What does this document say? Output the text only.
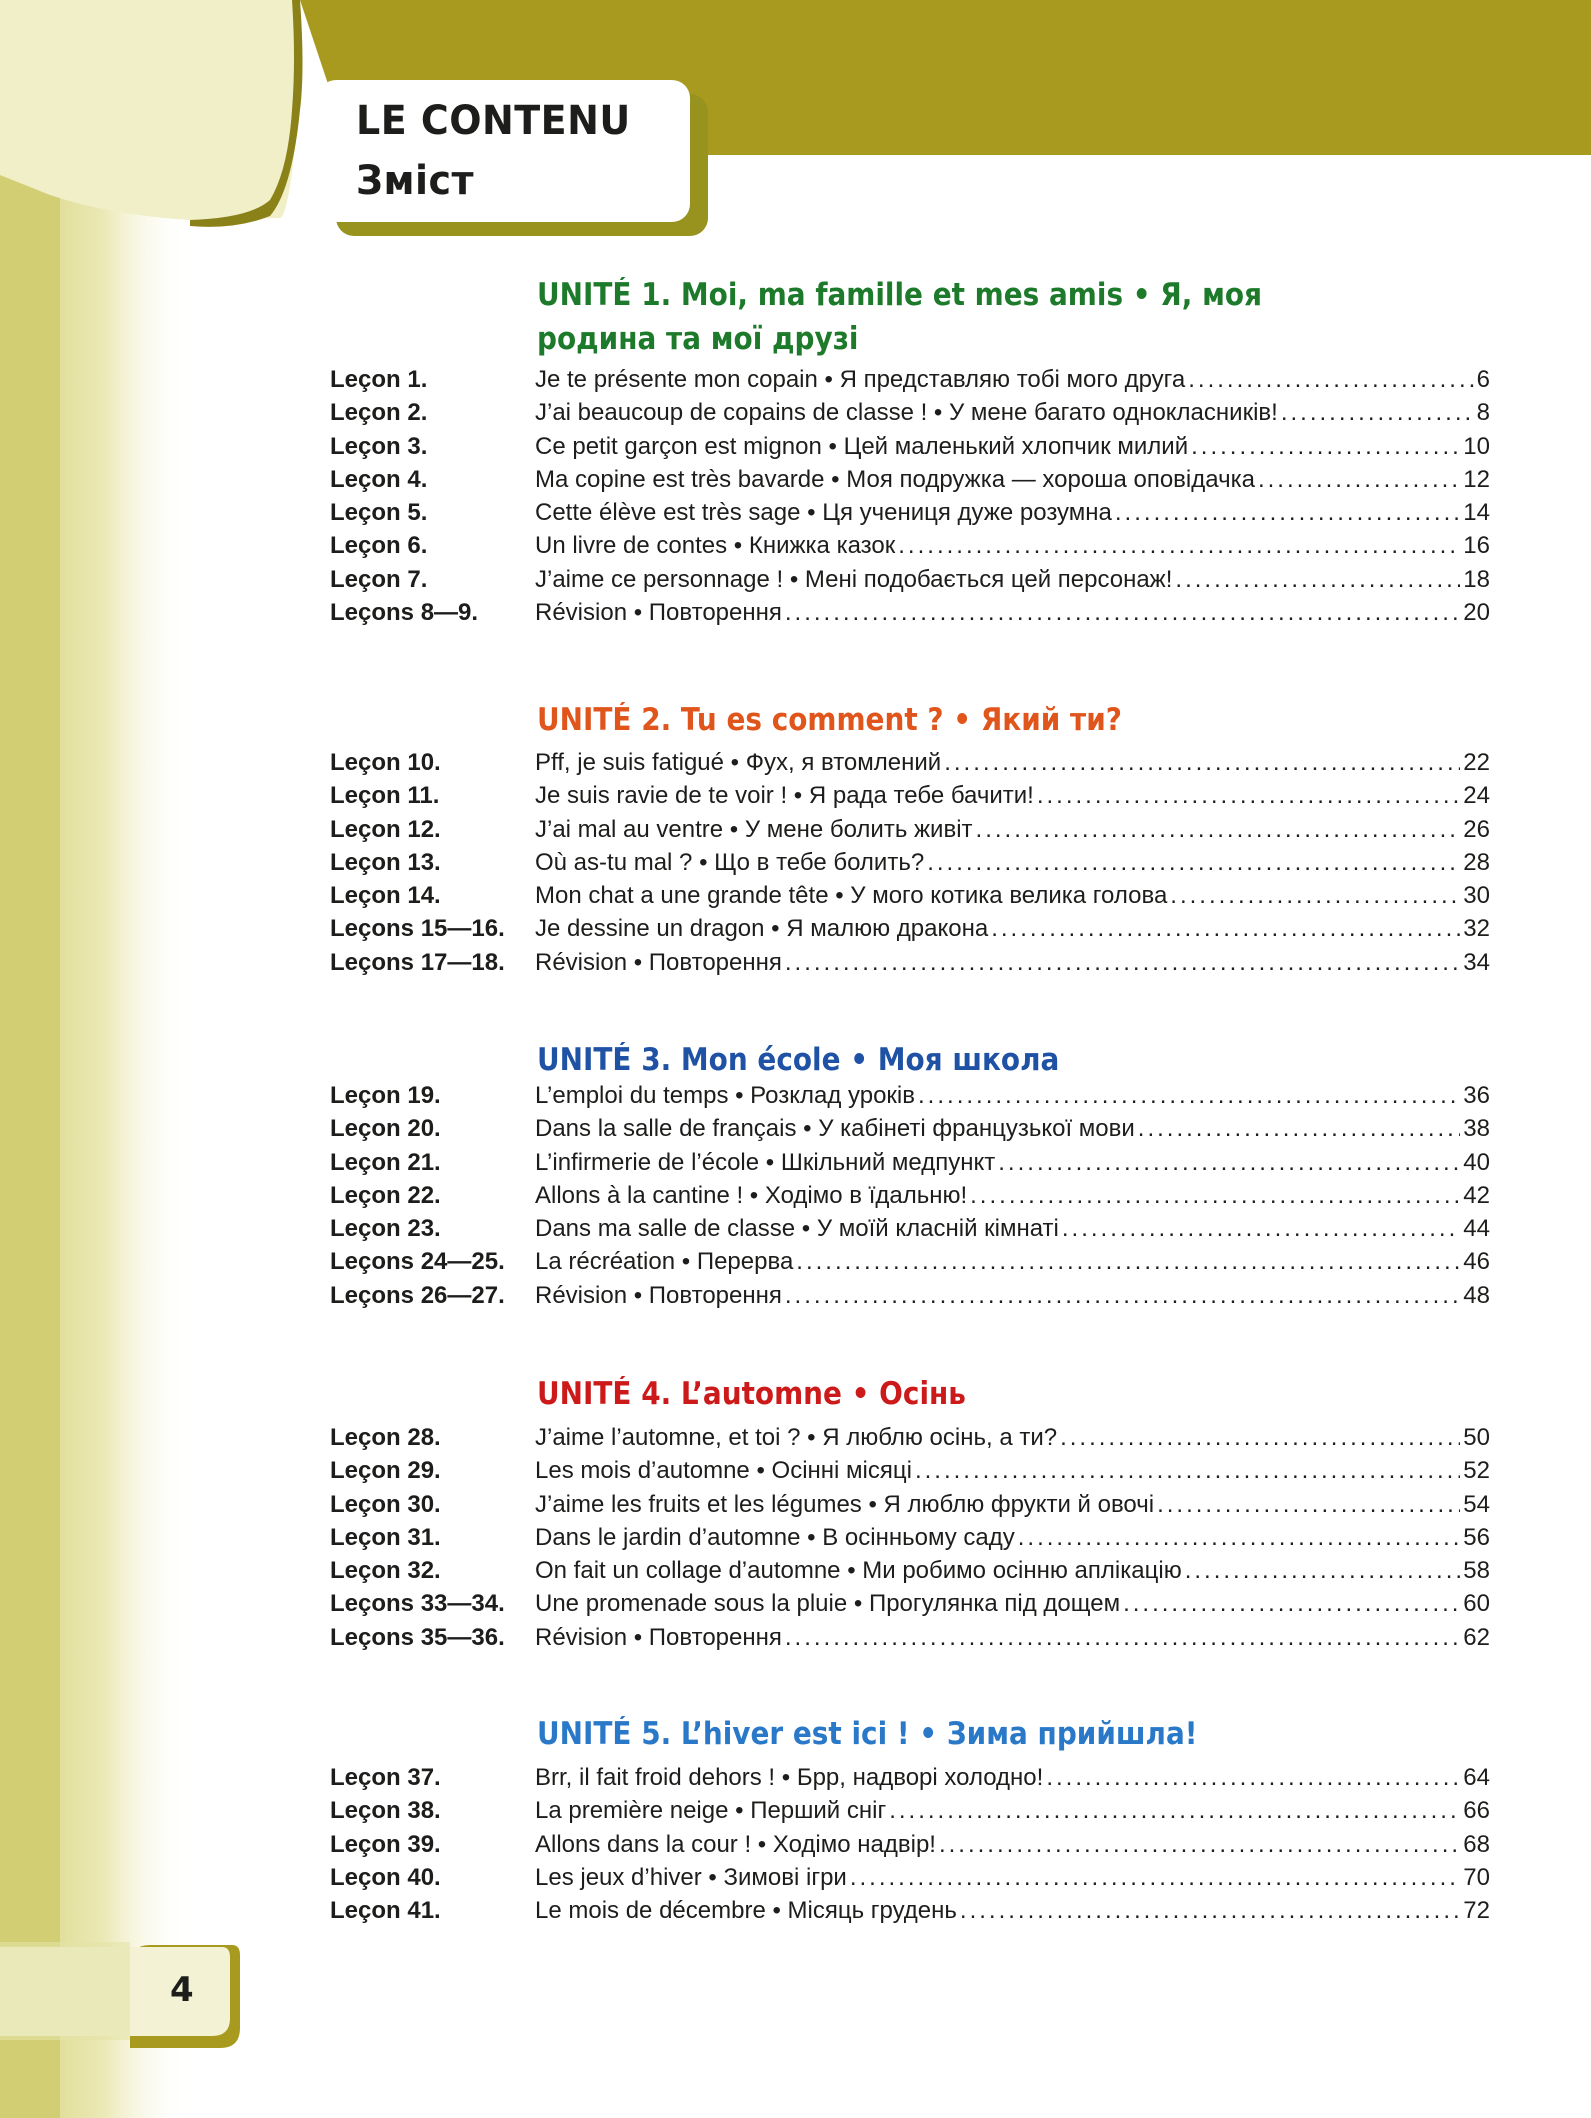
LE CONTENU
Зміст
UNITÉ 1. Moi, ma famille et mes amis • Я, моя родина та мої друзі
Leçon 1.	Je te présente mon copain • Я представляю тобі мого друга .....	6
Leçon 2.	J’ai beaucoup de copains de classe ! • У мене багато однокласників! .....	8
Leçon 3.	Ce petit garçon est mignon • Цей маленький хлопчик милий .....	10
Leçon 4.	Ma copine est très bavarde • Моя подружка — хороша оповідачка .....	12
Leçon 5.	Cette élève est très sage • Ця учениця дуже розумна .....	14
Leçon 6.	Un livre de contes • Книжка казок .....	16
Leçon 7.	J’aime ce personnage ! • Мені подобається цей персонаж! .....	18
Leçons 8—9.	Révision • Повторення .....	20
UNITÉ 2. Tu es comment ? • Який ти?
Leçon 10.	Pff, je suis fatigué • Фух, я втомлений .....	22
Leçon 11.	Je suis ravie de te voir ! • Я рада тебе бачити! .....	24
Leçon 12.	J’ai mal au ventre • У мене болить живіт .....	26
Leçon 13.	Où as-tu mal ? • Що в тебе болить? .....	28
Leçon 14.	Mon chat a une grande tête • У мого котика велика голова .....	30
Leçons 15—16.	Je dessine un dragon • Я малюю дракона .....	32
Leçons 17—18.	Révision • Повторення .....	34
UNITÉ 3. Mon école • Моя школа
Leçon 19.	L’emploi du temps • Розклад уроків .....	36
Leçon 20.	Dans la salle de français • У кабінеті французької мови .....	38
Leçon 21.	L’infirmerie de l’école • Шкільний медпункт .....	40
Leçon 22.	Allons à la cantine ! • Ходімо в їдальню! .....	42
Leçon 23.	Dans ma salle de classe • У моїй класній кімнаті .....	44
Leçons 24—25.	La récréation • Перерва .....	46
Leçons 26—27.	Révision • Повторення .....	48
UNITÉ 4. L’automne • Осінь
Leçon 28.	J’aime l’automne, et toi ? • Я люблю осінь, а ти? .....	50
Leçon 29.	Les mois d’automne • Осінні місяці .....	52
Leçon 30.	J’aime les fruits et les légumes • Я люблю фрукти й овочі .....	54
Leçon 31.	Dans le jardin d’automne • В осінньому саду .....	56
Leçon 32.	On fait un collage d’automne • Ми робимо осінню аплікацію .....	58
Leçons 33—34.	Une promenade sous la pluie • Прогулянка під дощем .....	60
Leçons 35—36.	Révision • Повторення .....	62
UNITÉ 5. L’hiver est ici ! • Зима прийшла!
Leçon 37.	Brr, il fait froid dehors ! • Брр, надворі холодно! .....	64
Leçon 38.	La première neige • Перший сніг .....	66
Leçon 39.	Allons dans la cour ! • Ходімо надвір! .....	68
Leçon 40.	Les jeux d’hiver • Зимові ігри .....	70
Leçon 41.	Le mois de décembre • Місяць грудень .....	72
4
